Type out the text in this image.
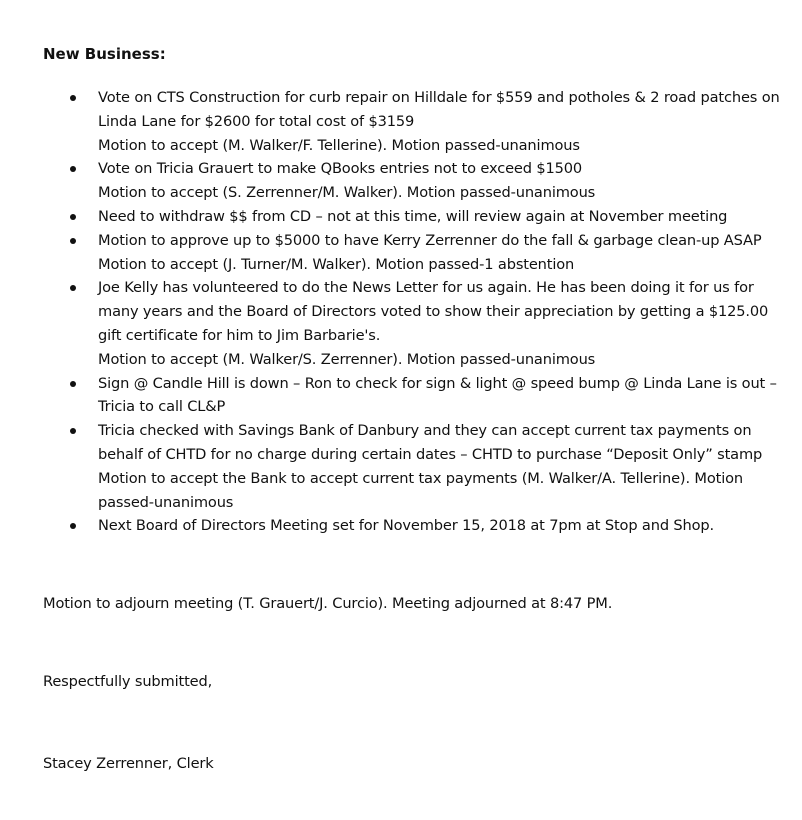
New Business:
Vote on CTS Construction for curb repair on Hilldale for $559 and potholes & 2 road patches on
Linda Lane for $2600 for total cost of $3159
Motion to accept (M. Walker/F. Tellerine). Motion passed-unanimous
Vote on Tricia Grauert to make QBooks entries not to exceed $1500
Motion to accept (S. Zerrenner/M. Walker). Motion passed-unanimous
Need to withdraw $$ from CD – not at this time, will review again at November meeting
Motion to approve up to $5000 to have Kerry Zerrenner do the fall & garbage clean-up ASAP
Motion to accept (J. Turner/M. Walker). Motion passed-1 abstention
Joe Kelly has volunteered to do the News Letter for us again. He has been doing it for us for
many years and the Board of Directors voted to show their appreciation by getting a $125.00
gift certificate for him to Jim Barbarie's.
Motion to accept (M. Walker/S. Zerrenner). Motion passed-unanimous
Sign @ Candle Hill is down – Ron to check for sign & light @ speed bump @ Linda Lane is out –
Tricia to call CL&P
Tricia checked with Savings Bank of Danbury and they can accept current tax payments on
behalf of CHTD for no charge during certain dates – CHTD to purchase “Deposit Only” stamp
Motion to accept the Bank to accept current tax payments (M. Walker/A. Tellerine). Motion
passed-unanimous
Next Board of Directors Meeting set for November 15, 2018 at 7pm at Stop and Shop.
Motion to adjourn meeting (T. Grauert/J. Curcio). Meeting adjourned at 8:47 PM.
Respectfully submitted,
Stacey Zerrenner, Clerk
